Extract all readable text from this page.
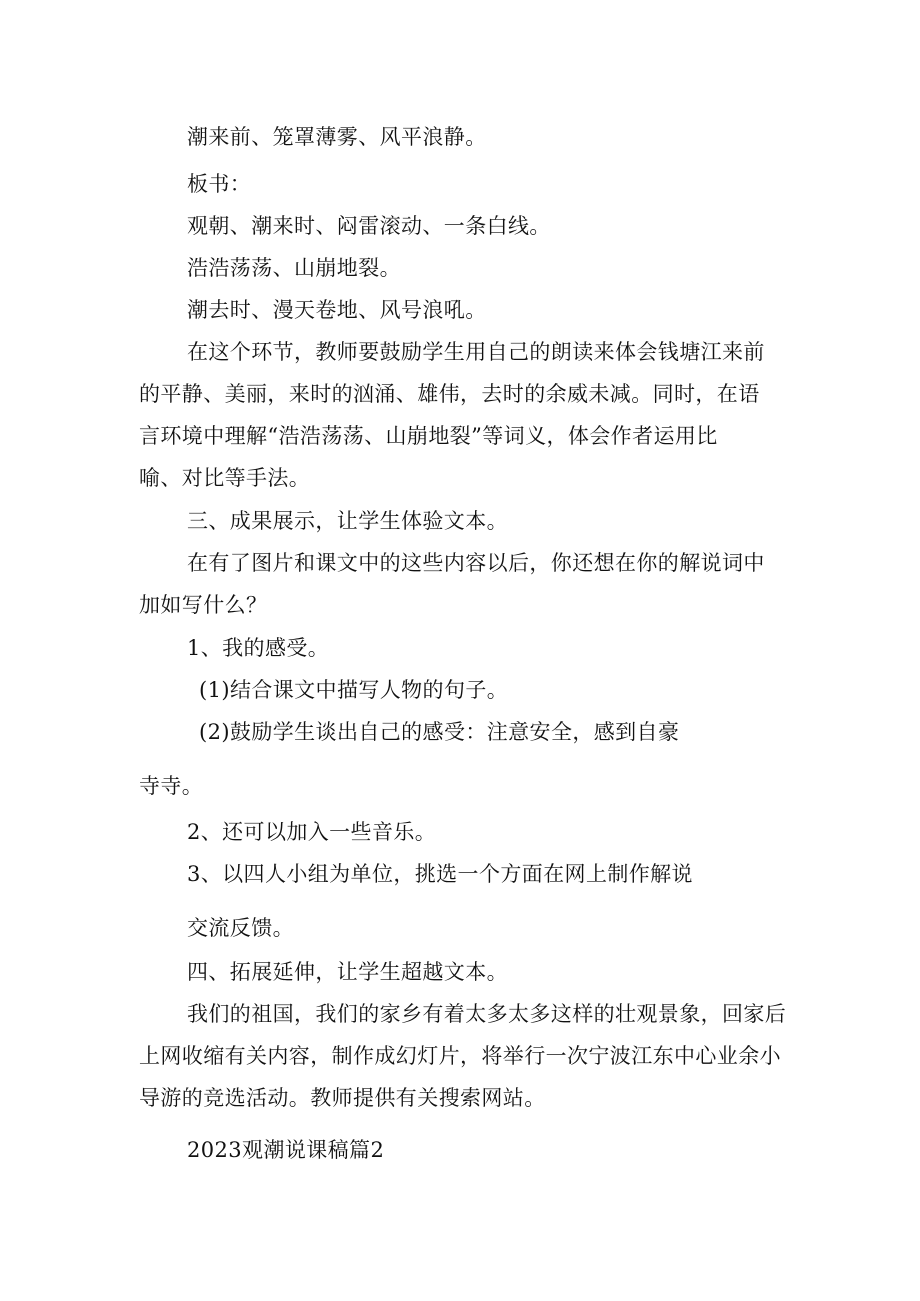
潮来前、笼罩薄雾、风平浪静。
板书：
观朝、潮来时、闷雷滚动、一条白线。
浩浩荡荡、山崩地裂。
潮去时、漫天卷地、风号浪吼。
在这个环节，教师要鼓励学生用自己的朗读来体会钱塘江来前
的平静、美丽，来时的汹涌、雄伟，去时的余威未减。同时，在语
言环境中理解“浩浩荡荡、山崩地裂”等词义，体会作者运用比
喻、对比等手法。
三、成果展示，让学生体验文本。
在有了图片和课文中的这些内容以后，你还想在你的解说词中
加如写什么？
1、我的感受。
(1)结合课文中描写人物的句子。
(2)鼓励学生谈出自己的感受：注意安全，感到自豪
寺寺。
2、还可以加入一些音乐。
3、以四人小组为单位，挑选一个方面在网上制作解说
交流反馈。
四、拓展延伸，让学生超越文本。
我们的祖国，我们的家乡有着太多太多这样的壮观景象，回家后
上网收缩有关内容，制作成幻灯片，将举行一次宁波江东中心业余小
导游的竞选活动。教师提供有关搜索网站。
2023观潮说课稿篇2
